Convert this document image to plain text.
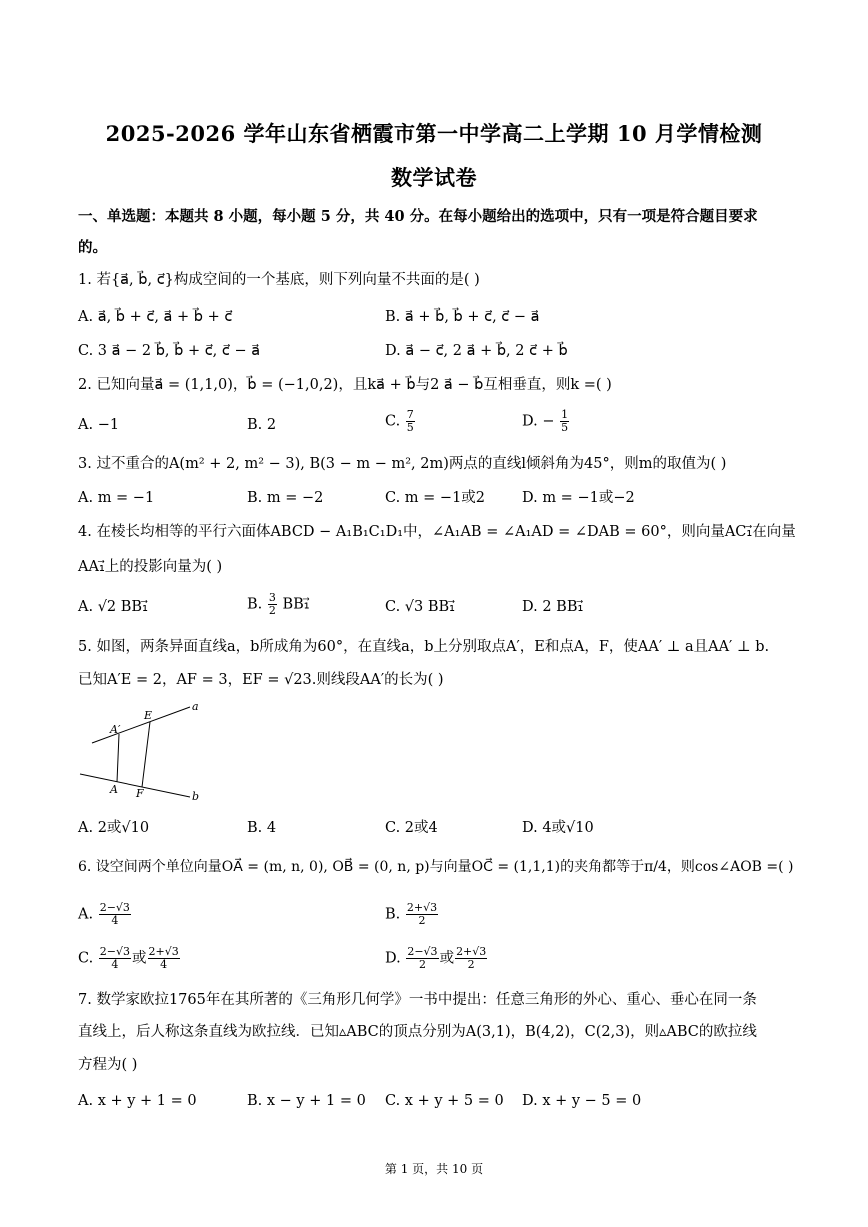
2025-2026 学年山东省栖霞市第一中学高二上学期 10 月学情检测
数学试卷
一、单选题：本题共 8 小题，每小题 5 分，共 40 分。在每小题给出的选项中，只有一项是符合题目要求
的。
1. 若{a⃗, b⃗, c⃗}构成空间的一个基底，则下列向量不共面的是( )
A. a⃗, b⃗ + c⃗, a⃗ + b⃗ + c⃗	B. a⃗ + b⃗, b⃗ + c⃗, c⃗ − a⃗
C. 3 a⃗ − 2 b⃗, b⃗ + c⃗, c⃗ − a⃗	D. a⃗ − c⃗, 2 a⃗ + b⃗, 2 c⃗ + b⃗
2. 已知向量a⃗ = (1,1,0)，b⃗ = (−1,0,2)，且ka⃗ + b⃗与2 a⃗ − b⃗互相垂直，则k =( )
A. −1	B. 2	C. $\frac{7}{5}$	D. − $\frac{1}{5}$
3. 过不重合的A(m² + 2, m² − 3), B(3 − m − m², 2m)两点的直线l倾斜角为45°，则m的取值为( )
A. m = −1	B. m = −2	C. m = −1或2	D. m = −1或−2
4. 在棱长均相等的平行六面体ABCD − A₁B₁C₁D₁中，∠A₁AB = ∠A₁AD = ∠DAB = 60°，则向量AC₁⃗在向量
AA₁⃗上的投影向量为( )
A. √2 BB₁⃗	B. $\frac{3}{2}$ BB₁⃗	C. √3 BB₁⃗	D. 2 BB₁⃗
5. 如图，两条异面直线a，b所成角为60°，在直线a，b上分别取点A′，E和点A，F，使AA′ ⊥ a且AA′ ⊥ b.
已知A′E = 2，AF = 3，EF = √23.则线段AA′的长为( )
a
b
A′
E
A F
A. 2或√10	B. 4	C. 2或4	D. 4或√10
6. 设空间两个单位向量OA⃗ = (m, n, 0), OB⃗ = (0, n, p)与向量OC⃗ = (1,1,1)的夹角都等于π/4，则cos∠AOB =( )
A. $\frac{2-√3}{4}$	B. $\frac{2+√3}{2}$
C. $\frac{2-√3}{4}$ 或 $\frac{2+√3}{4}$	D. $\frac{2-√3}{2}$ 或 $\frac{2+√3}{2}$
7. 数学家欧拉1765年在其所著的《三角形几何学》一书中提出：任意三角形的外心、重心、垂心在同一条
直线上，后人称这条直线为欧拉线．已知▵ABC的顶点分别为A(3,1)，B(4,2)，C(2,3)，则▵ABC的欧拉线
方程为( )
A. x + y + 1 = 0	B. x − y + 1 = 0 C. x + y + 5 = 0 D. x + y − 5 = 0
第 1 页，共 10 页
